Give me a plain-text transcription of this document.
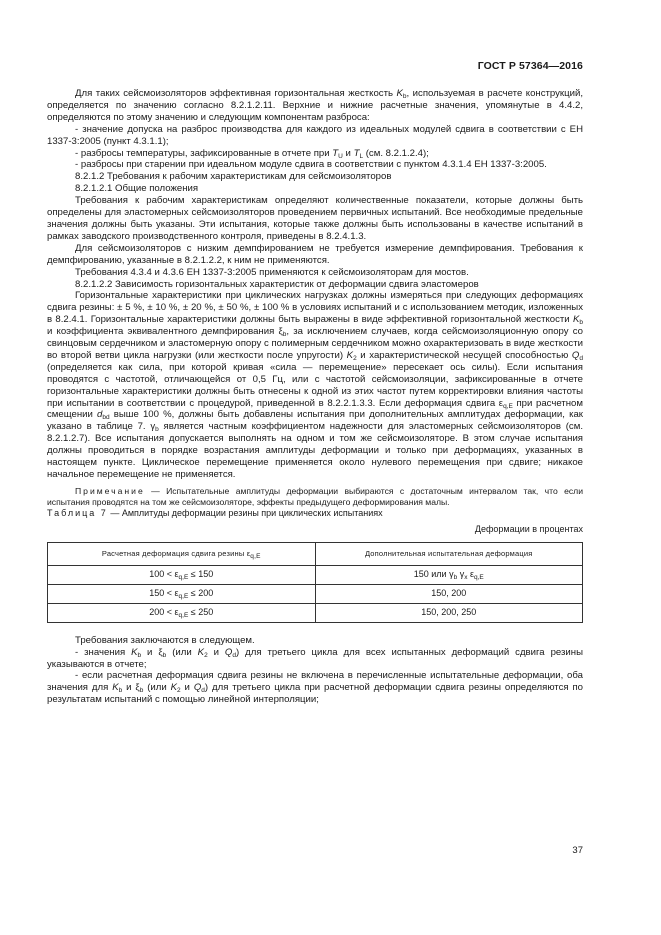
ГОСТ Р 57364—2016

Для таких сейсмоизоляторов эффективная горизонтальная жесткость $K_b$, используемая в расчете конструкций, определяется по значению согласно 8.2.1.2.11. Верхние и нижние расчетные значения, упомянутые в 4.4.2, определяются по этому значению и следующим компонентам разброса:

- значение допуска на разброс производства для каждого из идеальных модулей сдвига в соответствии с ЕН 1337-3:2005 (пункт 4.3.1.1);

- разбросы температуры, зафиксированные в отчете при $T_U$ и $T_L$ (см. 8.2.1.2.4);

- разбросы при старении при идеальном модуле сдвига в соответствии с пунктом 4.3.1.4 ЕН 1337-3:2005.

8.2.1.2 Требования к рабочим характеристикам для сейсмоизоляторов

8.2.1.2.1 Общие положения

Требования к рабочим характеристикам определяют количественные показатели, которые должны быть определены для эластомерных сейсмоизоляторов проведением первичных испытаний. Все необходимые предельные значения должны быть указаны. Эти испытания, которые также должны быть использованы в качестве испытаний в рамках заводского производственного контроля, приведены в 8.2.4.1.3.

Для сейсмоизоляторов с низким демпфированием не требуется измерение демпфирования. Требования к демпфированию, указанные в 8.2.1.2.2, к ним не применяются.

Требования 4.3.4 и 4.3.6 ЕН 1337-3:2005 применяются к сейсмоизоляторам для мостов.

8.2.1.2.2 Зависимость горизонтальных характеристик от деформации сдвига эластомеров

Горизонтальные характеристики при циклических нагрузках должны измеряться при следующих деформациях сдвига резины: ± 5 %, ± 10 %, ± 20 %, ± 50 %, ± 100 % в условиях испытаний и с использованием методик, изложенных в 8.2.4.1. Горизонтальные характеристики должны быть выражены в виде эффективной горизонтальной жесткости $K_b$ и коэффициента эквивалентного демпфирования $\xi_b$, за исключением случаев, когда сейсмоизоляционную опору со свинцовым сердечником и эластомерную опору с полимерным сердечником можно охарактеризовать в виде жесткости во второй ветви цикла нагрузки (или жесткости после упругости) $K_2$ и характеристической несущей способностью $Q_d$ (определяется как сила, при которой кривая «сила — перемещение» пересекает ось силы). Если испытания проводятся с частотой, отличающейся от 0,5 Гц, или с частотой сейсмоизоляции, зафиксированные в отчете горизонтальные характеристики должны быть отнесены к одной из этих частот путем корректировки влияния частоты при испытании в соответствии с процедурой, приведенной в 8.2.2.1.3.3. Если деформация сдвига $\varepsilon_{q,E}$ при расчетном смещении $d_{bd}$ выше 100 %, должны быть добавлены испытания при дополнительных амплитудах деформации, как указано в таблице 7. $\gamma_b$ является частным коэффициентом надежности для эластомерных сейсмоизоляторов (см. 8.2.1.2.7). Все испытания допускается выполнять на одном и том же сейсмоизоляторе. В этом случае испытания должны проводиться в порядке возрастания амплитуды деформации и только при деформациях, указанных в настоящем пункте. Циклическое перемещение применяется около нулевого перемещения при сдвиге; никакое начальное перемещение не применяется.

Примечание — Испытательные амплитуды деформации выбираются с достаточным интервалом так, что если испытания проводятся на том же сейсмоизоляторе, эффекты предыдущего деформирования малы.

Таблица 7 — Амплитуды деформации резины при циклических испытаниях

Деформации в процентах

Расчетная деформация сдвига резины $\varepsilon_{q,E}$	Дополнительная испытательная деформация
$100 < \varepsilon_{q,E} \le 150$	150 или $\gamma_b$ $\gamma_x$ $\varepsilon_{q,E}$
$150 < \varepsilon_{q,E} \le 200$	150, 200
$200 < \varepsilon_{q,E} \le 250$	150, 200, 250

Требования заключаются в следующем.

- значения $K_b$ и $\xi_b$ (или $K_2$ и $Q_d$) для третьего цикла для всех испытанных деформаций сдвига резины указываются в отчете;

- если расчетная деформация сдвига резины не включена в перечисленные испытательные деформации, оба значения для $K_b$ и $\xi_b$ (или $K_2$ и $Q_d$) для третьего цикла при расчетной деформации сдвига резины определяются по результатам испытаний с помощью линейной интерполяции;

37
